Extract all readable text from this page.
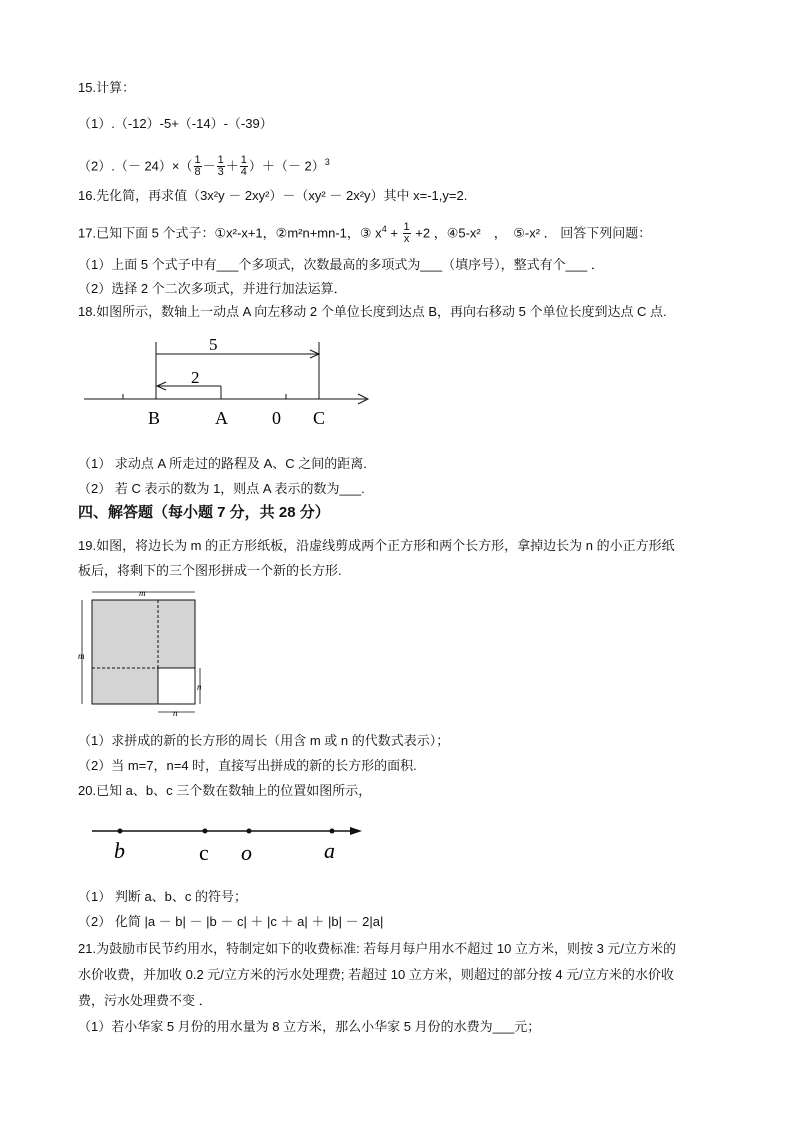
15.计算：
（1）.（-12）-5+（-14）-（-39）
$(2).(- 24)\times( \frac{1}{8} - \frac{1}{3} + \frac{1}{4}$ ）＋（－ 2）$^3$
16.先化简，再求值（3x²y － 2xy²）－（xy² － 2x²y）其中 x=-1,y=2.
17.已知下面 5 个式子：①x²-x+1，②m²n+mn-1，③ $x^4 + \frac{1}{x} +2$ ，④5-x²　，　⑤-x² ． 回答下列问题：
（1）上面 5 个式子中有___个多项式，次数最高的多项式为___（填序号），整式有个___ ．
（2）选择 2 个二次多项式，并进行加法运算．
18.如图所示，数轴上一动点 A 向左移动 2 个单位长度到达点 B，再向右移动 5 个单位长度到达点 C 点.
5
2
B	A 0 C
（1） 求动点 A 所走过的路程及 A、C 之间的距离.
（2） 若 C 表示的数为 1，则点 A 表示的数为___.
四、解答题（每小题 7 分，共 28 分）
19.如图，将边长为 m 的正方形纸板，沿虚线剪成两个正方形和两个长方形，拿掉边长为 n 的小正方形纸
板后，将剩下的三个图形拼成一个新的长方形.
m
m
n
n
（1）求拼成的新的长方形的周长（用含 m 或 n 的代数式表示）；
（2）当 m=7，n=4 时，直接写出拼成的新的长方形的面积.
20.已知 a、b、c 三个数在数轴上的位置如图所示，
b	c o	a
（1） 判断 a、b、c 的符号；
（2） 化简 |a － b| － |b － c| ＋ |c ＋ a| ＋ |b| － 2|a|
21.为鼓励市民节约用水，特制定如下的收费标准: 若每月每户用水不超过 10 立方米，则按 3 元/立方米的
水价收费，并加收 0.2 元/立方米的污水处理费; 若超过 10 立方米，则超过的部分按 4 元/立方米的水价收
费，污水处理费不变 ．
（1）若小华家 5 月份的用水量为 8 立方米，那么小华家 5 月份的水费为___元；
